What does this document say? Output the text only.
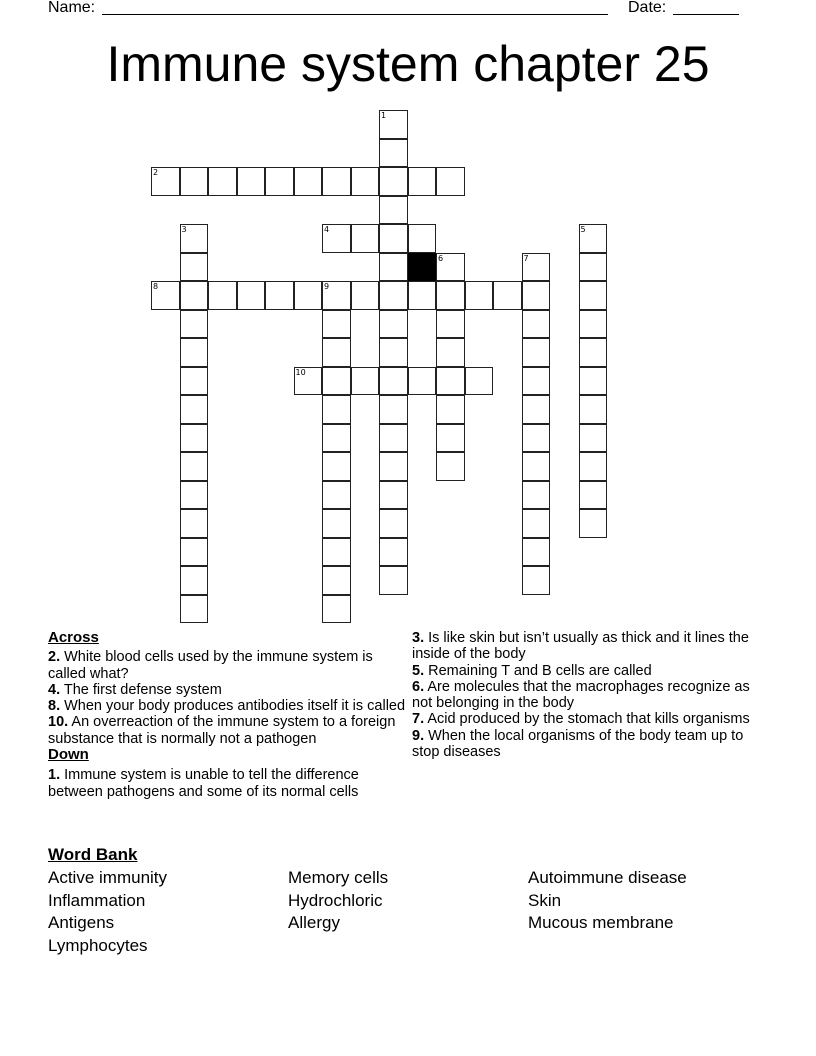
Name:	Date:
Immune system chapter 25
1
2
3	4	5
6	7
8	9
10
Across
2. White blood cells used by the immune system is called what?
4. The first defense system
8. When your body produces antibodies itself it is called
10. An overreaction of the immune system to a foreign substance that is normally not a pathogen
Down
1. Immune system is unable to tell the difference between pathogens and some of its normal cells
3. Is like skin but isn’t usually as thick and it lines the inside of the body
5. Remaining T and B cells are called
6. Are molecules that the macrophages recognize as not belonging in the body
7. Acid produced by the stomach that kills organisms
9. When the local organisms of the body team up to stop diseases
Word Bank
Active immunity
Inflammation
Antigens
Lymphocytes
Memory cells
Hydrochloric
Allergy
Autoimmune disease
Skin
Mucous membrane
